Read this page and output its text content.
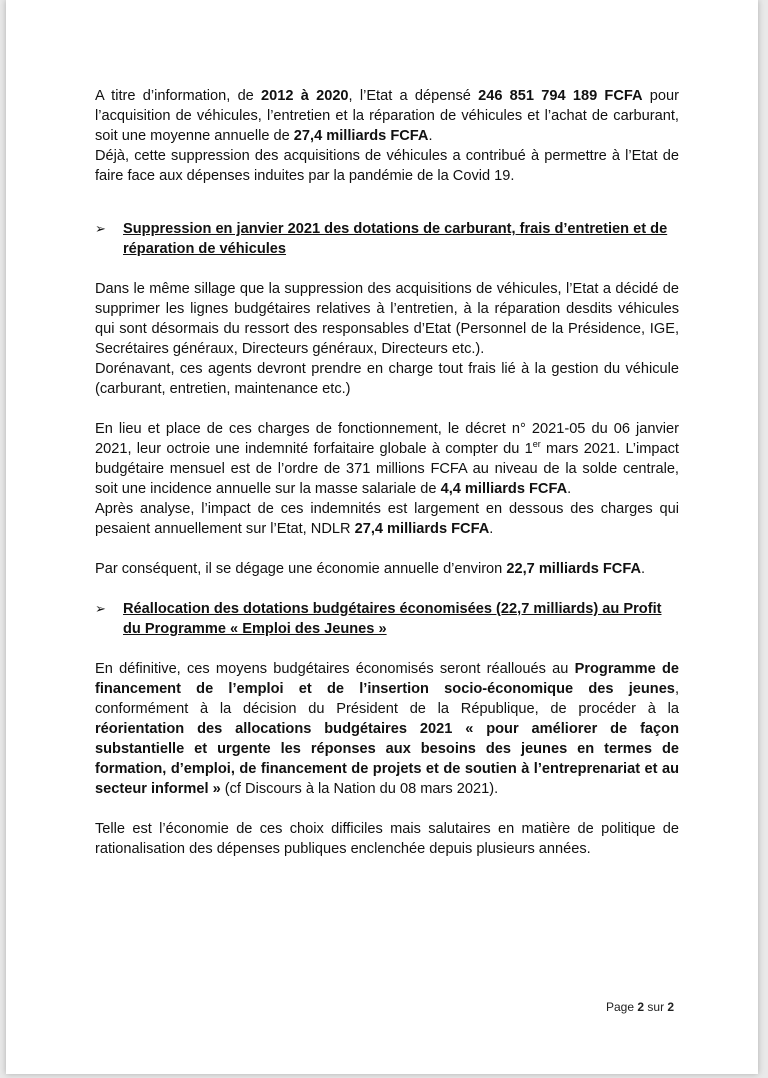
A titre d’information, de 2012 à 2020, l’Etat a dépensé 246 851 794 189 FCFA pour l’acquisition de véhicules, l’entretien et la réparation de véhicules et l’achat de carburant, soit une moyenne annuelle de 27,4 milliards FCFA.

Déjà, cette suppression des acquisitions de véhicules a contribué à permettre à l’Etat de faire face aux dépenses induites par la pandémie de la Covid 19.

➢	Suppression en janvier 2021 des dotations de carburant, frais d’entretien et de réparation de véhicules

Dans le même sillage que la suppression des acquisitions de véhicules, l’Etat a décidé de supprimer les lignes budgétaires relatives à l’entretien, à la réparation desdits véhicules qui sont désormais du ressort des responsables d’Etat (Personnel de la Présidence, IGE, Secrétaires généraux, Directeurs généraux, Directeurs etc.).

Dorénavant, ces agents devront prendre en charge tout frais lié à la gestion du véhicule (carburant, entretien, maintenance etc.)

En lieu et place de ces charges de fonctionnement, le décret n° 2021-05 du 06 janvier 2021, leur octroie une indemnité forfaitaire globale à compter du 1er mars 2021. L’impact budgétaire mensuel est de l’ordre de 371 millions FCFA au niveau de la solde centrale, soit une incidence annuelle sur la masse salariale de 4,4 milliards FCFA.

Après analyse, l’impact de ces indemnités est largement en dessous des charges qui pesaient annuellement sur l’Etat, NDLR 27,4 milliards FCFA.

Par conséquent, il se dégage une économie annuelle d’environ 22,7 milliards FCFA.

➢	Réallocation des dotations budgétaires économisées (22,7 milliards) au Profit du Programme « Emploi des Jeunes »

En définitive, ces moyens budgétaires économisés seront réalloués au Programme de financement de l’emploi et de l’insertion socio-économique des jeunes, conformément à la décision du Président de la République, de procéder à la réorientation des allocations budgétaires 2021 « pour améliorer de façon substantielle et urgente les réponses aux besoins des jeunes en termes de formation, d’emploi, de financement de projets et de soutien à l’entreprenariat et au secteur informel » (cf Discours à la Nation du 08 mars 2021).

Telle est l’économie de ces choix difficiles mais salutaires en matière de politique de rationalisation des dépenses publiques enclenchée depuis plusieurs années.

Page 2 sur 2
